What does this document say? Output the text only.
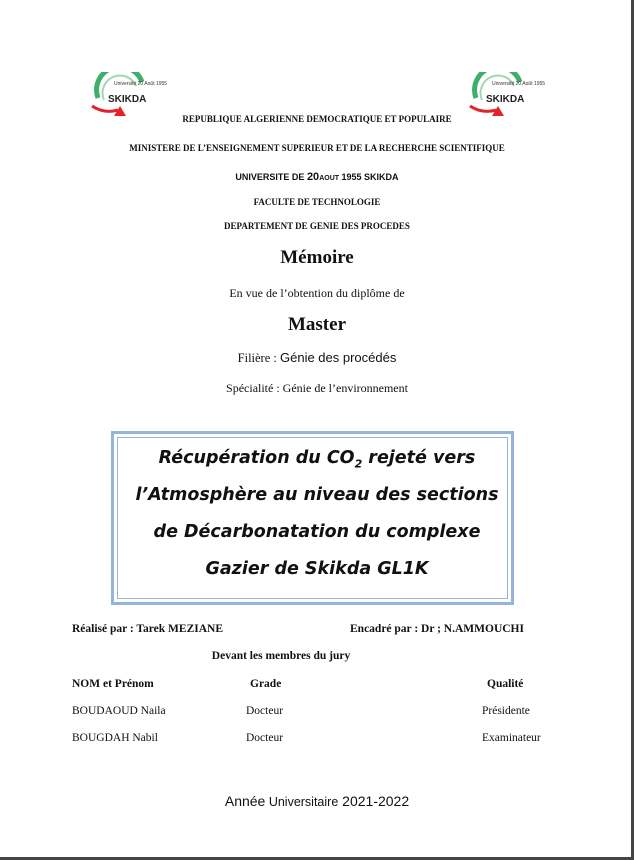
Université 20 Août 1955
SKIKDA
Université 20 Août 1955
SKIKDA
REPUBLIQUE ALGERIENNE DEMOCRATIQUE ET POPULAIRE
MINISTERE DE L’ENSEIGNEMENT SUPERIEUR ET DE LA RECHERCHE SCIENTIFIQUE
UNIVERSITE DE 20AOUT 1955 SKIKDA
FACULTE DE TECHNOLOGIE
DEPARTEMENT DE GENIE DES PROCEDES
Mémoire
En vue de l’obtention du diplôme de
Master
Filière : Génie des procédés
Spécialité : Génie de l’environnement
Récupération du $CO_2$ rejeté vers
l’Atmosphère au niveau des sections
de Décarbonatation du complexe
Gazier de Skikda GL1K
Réalisé par : Tarek MEZIANE	Encadré par : Dr ; N.AMMOUCHI
Devant les membres du jury
NOM et Prénom	Grade	Qualité
BOUDAOUD Naila	Docteur	Présidente
BOUGDAH Nabil	Docteur	Examinateur
Année Universitaire 2021-2022
